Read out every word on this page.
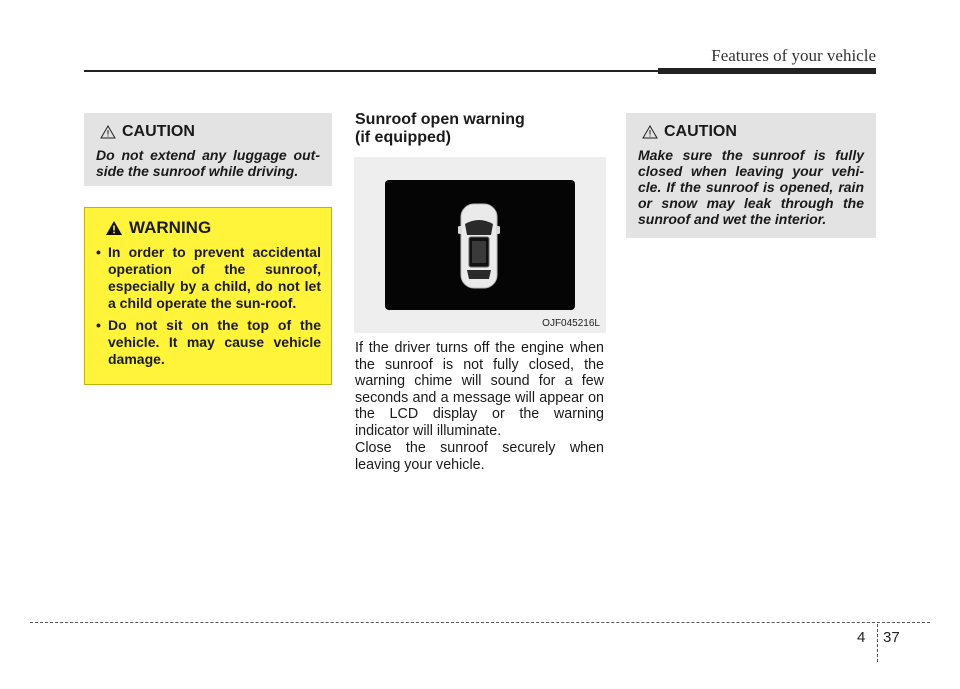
Features of your vehicle
CAUTION
Do not extend any luggage out-side the sunroof while driving.
WARNING
• In order to prevent accidental operation of the sunroof, especially by a child, do not let a child operate the sun-roof.
• Do not sit on the top of the vehicle. It may cause vehicle damage.
Sunroof open warning
(if equipped)
OJF045216L

If the driver turns off the engine when the sunroof is not fully closed, the warning chime will sound for a few seconds and a message will appear on the LCD display or the warning indicator will illuminate.

Close the sunroof securely when leaving your vehicle.

CAUTION
Make sure the sunroof is fully closed when leaving your vehi-cle. If the sunroof is opened, rain or snow may leak through the sunroof and wet the interior.
4 37
